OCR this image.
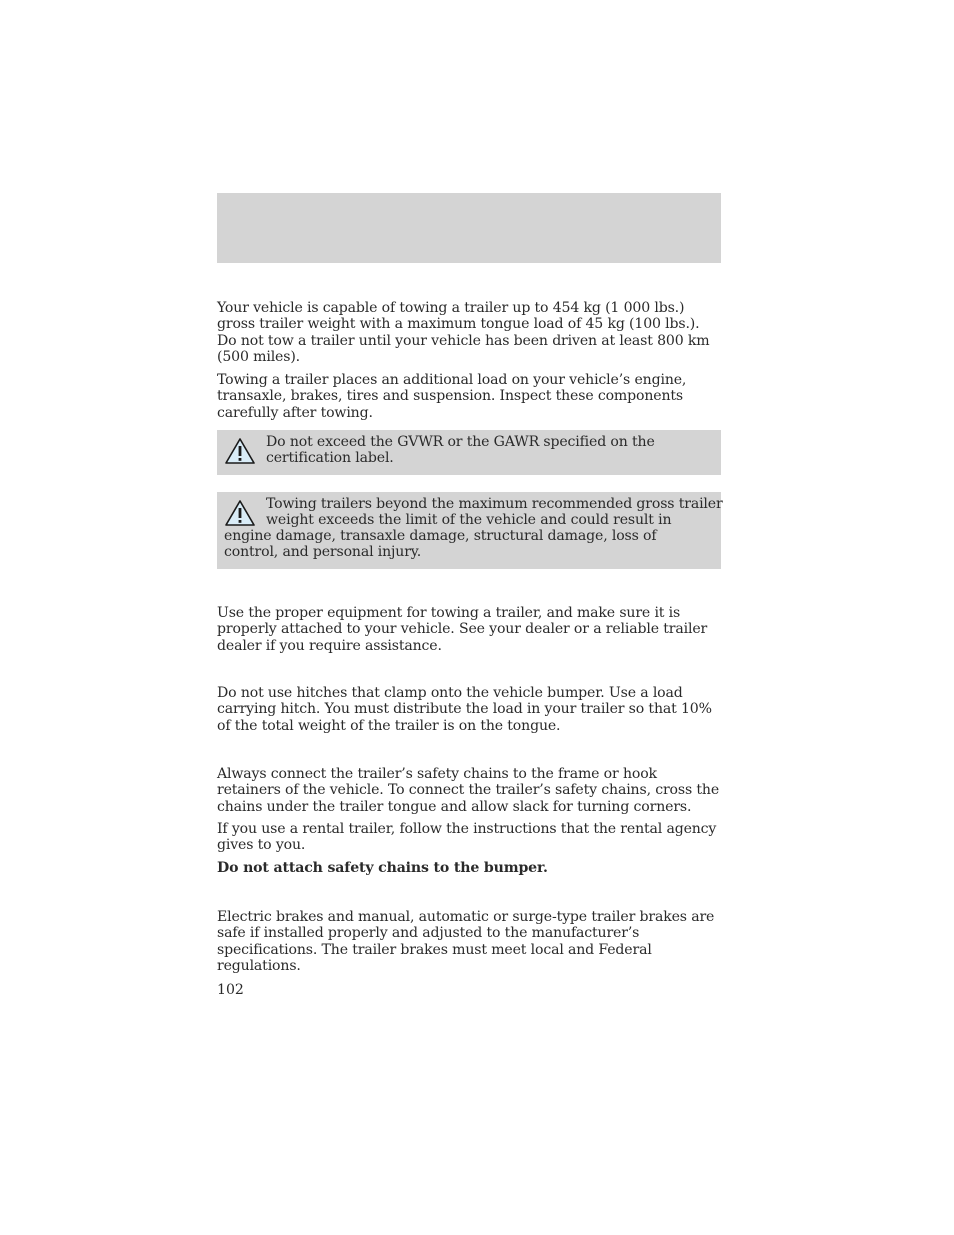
Your vehicle is capable of towing a trailer up to 454 kg (1 000 lbs.) gross trailer weight with a maximum tongue load of 45 kg (100 lbs.). Do not tow a trailer until your vehicle has been driven at least 800 km (500 miles).

Towing a trailer places an additional load on your vehicle’s engine, transaxle, brakes, tires and suspension. Inspect these components carefully after towing.

Do not exceed the GVWR or the GAWR specified on the

certification label.

Towing trailers beyond the maximum recommended gross trailer

weight exceeds the limit of the vehicle and could result in

engine damage, transaxle damage, structural damage, loss of control, and personal injury.

Use the proper equipment for towing a trailer, and make sure it is properly attached to your vehicle. See your dealer or a reliable trailer dealer if you require assistance.

Do not use hitches that clamp onto the vehicle bumper. Use a load carrying hitch. You must distribute the load in your trailer so that 10% of the total weight of the trailer is on the tongue.

Always connect the trailer’s safety chains to the frame or hook retainers of the vehicle. To connect the trailer’s safety chains, cross the chains under the trailer tongue and allow slack for turning corners.

If you use a rental trailer, follow the instructions that the rental agency gives to you.

Do not attach safety chains to the bumper.

Electric brakes and manual, automatic or surge-type trailer brakes are safe if installed properly and adjusted to the manufacturer’s specifications. The trailer brakes must meet local and Federal regulations.

102
